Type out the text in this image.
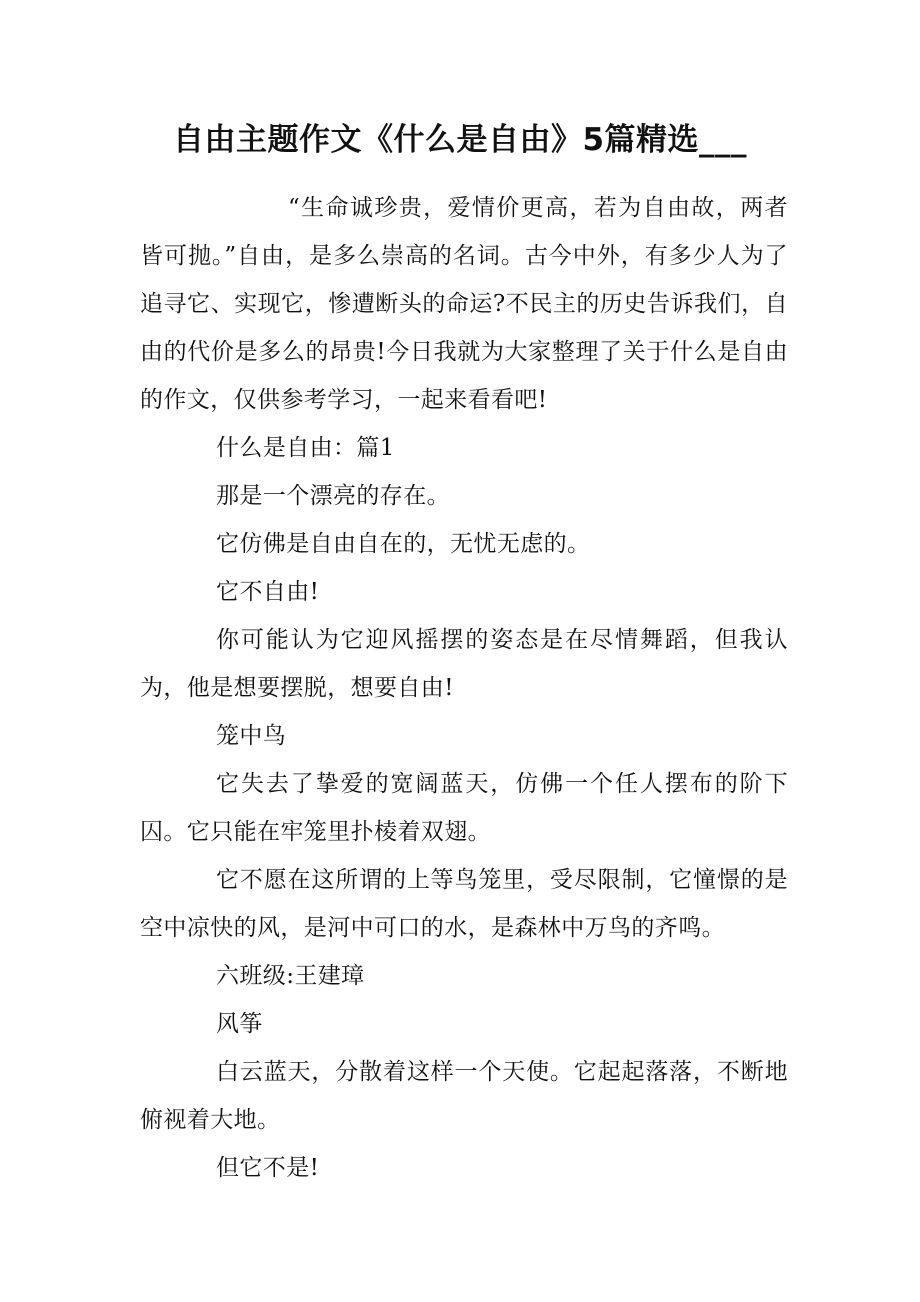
自由主题作文《什么是自由》5篇精选___

“生命诚珍贵，爱情价更高，若为自由故，两者皆可抛。”自由，是多么崇高的名词。古今中外，有多少人为了追寻它、实现它，惨遭断头的命运?不民主的历史告诉我们，自由的代价是多么的昂贵!今日我就为大家整理了关于什么是自由的作文，仅供参考学习，一起来看看吧!

什么是自由：篇1

那是一个漂亮的存在。

它仿佛是自由自在的，无忧无虑的。

它不自由!

你可能认为它迎风摇摆的姿态是在尽情舞蹈，但我认为，他是想要摆脱，想要自由!

笼中鸟

它失去了挚爱的宽阔蓝天，仿佛一个任人摆布的阶下囚。它只能在牢笼里扑棱着双翅。

它不愿在这所谓的上等鸟笼里，受尽限制，它憧憬的是空中凉快的风，是河中可口的水，是森林中万鸟的齐鸣。

六班级:王建璋

风筝

白云蓝天，分散着这样一个天使。它起起落落，不断地俯视着大地。

但它不是!
